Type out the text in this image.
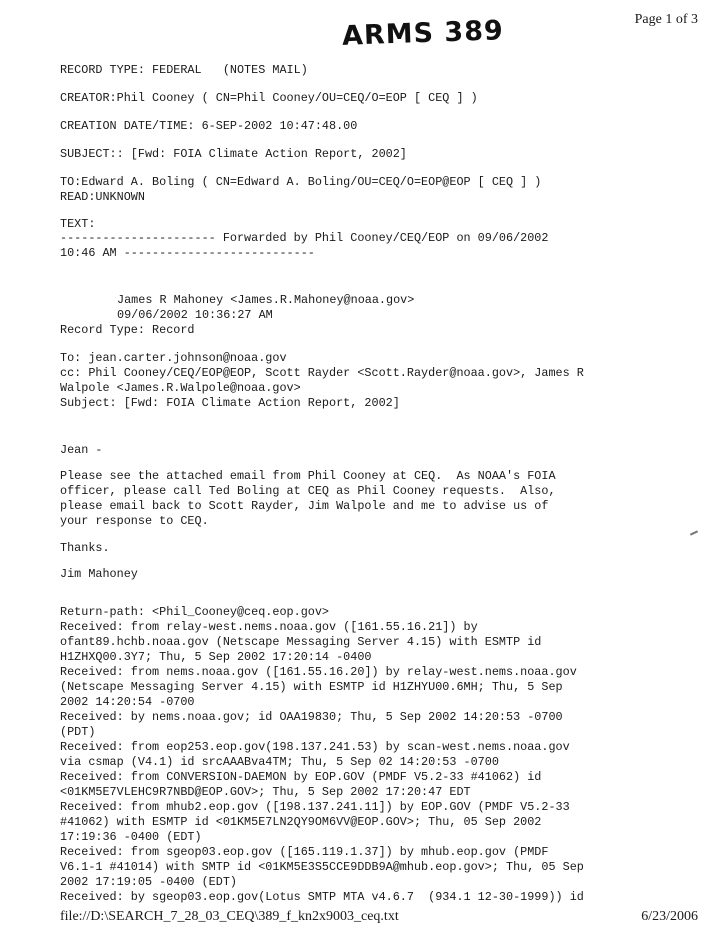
ARMS 389	Page 1 of 3
RECORD TYPE: FEDERAL   (NOTES MAIL)
CREATOR:Phil Cooney ( CN=Phil Cooney/OU=CEQ/O=EOP [ CEQ ] )
CREATION DATE/TIME: 6-SEP-2002 10:47:48.00
SUBJECT:: [Fwd: FOIA Climate Action Report, 2002]
TO:Edward A. Boling ( CN=Edward A. Boling/OU=CEQ/O=EOP@EOP [ CEQ ] )
READ:UNKNOWN
TEXT:
---------------------- Forwarded by Phil Cooney/CEQ/EOP on 09/06/2002
10:46 AM ---------------------------
James R Mahoney <James.R.Mahoney@noaa.gov>
09/06/2002 10:36:27 AM
Record Type: Record
To: jean.carter.johnson@noaa.gov
cc: Phil Cooney/CEQ/EOP@EOP, Scott Rayder <Scott.Rayder@noaa.gov>, James R
Walpole <James.R.Walpole@noaa.gov>
Subject: [Fwd: FOIA Climate Action Report, 2002]
Jean -
Please see the attached email from Phil Cooney at CEQ.  As NOAA's FOIA
officer, please call Ted Boling at CEQ as Phil Cooney requests.  Also,
please email back to Scott Rayder, Jim Walpole and me to advise us of
your response to CEQ.
Thanks.
Jim Mahoney
Return-path: <Phil_Cooney@ceq.eop.gov>
Received: from relay-west.nems.noaa.gov ([161.55.16.21]) by
ofant89.hchb.noaa.gov (Netscape Messaging Server 4.15) with ESMTP id
H1ZHXQ00.3Y7; Thu, 5 Sep 2002 17:20:14 -0400
Received: from nems.noaa.gov ([161.55.16.20]) by relay-west.nems.noaa.gov
(Netscape Messaging Server 4.15) with ESMTP id H1ZHYU00.6MH; Thu, 5 Sep
2002 14:20:54 -0700
Received: by nems.noaa.gov; id OAA19830; Thu, 5 Sep 2002 14:20:53 -0700
(PDT)
Received: from eop253.eop.gov(198.137.241.53) by scan-west.nems.noaa.gov
via csmap (V4.1) id srcAAABva4TM; Thu, 5 Sep 02 14:20:53 -0700
Received: from CONVERSION-DAEMON by EOP.GOV (PMDF V5.2-33 #41062) id
<01KM5E7VLEHC9R7NBD@EOP.GOV>; Thu, 5 Sep 2002 17:20:47 EDT
Received: from mhub2.eop.gov ([198.137.241.11]) by EOP.GOV (PMDF V5.2-33
#41062) with ESMTP id <01KM5E7LN2QY9OM6VV@EOP.GOV>; Thu, 05 Sep 2002
17:19:36 -0400 (EDT)
Received: from sgeop03.eop.gov ([165.119.1.37]) by mhub.eop.gov (PMDF
V6.1-1 #41014) with SMTP id <01KM5E3S5CCE9DDB9A@mhub.eop.gov>; Thu, 05 Sep
2002 17:19:05 -0400 (EDT)
Received: by sgeop03.eop.gov(Lotus SMTP MTA v4.6.7  (934.1 12-30-1999)) id
file://D:\SEARCH_7_28_03_CEQ\389_f_kn2x9003_ceq.txt	6/23/2006
